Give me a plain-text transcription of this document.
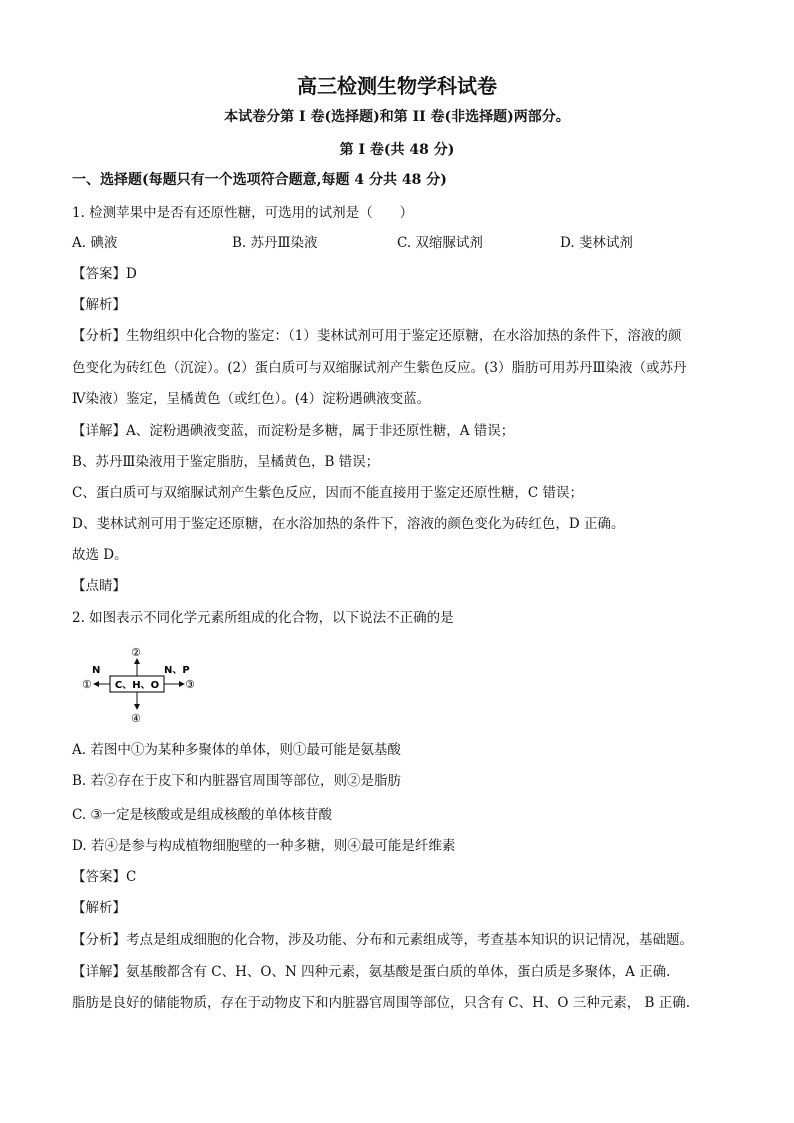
高三检测生物学科试卷
本试卷分第 I 卷(选择题)和第 II 卷(非选择题)两部分。
第 I 卷(共 48 分)
一、选择题(每题只有一个选项符合题意,每题 4 分共 48 分)
1. 检测苹果中是否有还原性糖，可选用的试剂是（　　）
A. 碘液	B. 苏丹Ⅲ染液	C. 双缩脲试剂	D. 斐林试剂
【答案】D
【解析】
【分析】生物组织中化合物的鉴定：（1）斐林试剂可用于鉴定还原糖，在水浴加热的条件下，溶液的颜
色变化为砖红色（沉淀）。(2）蛋白质可与双缩脲试剂产生紫色反应。(3）脂肪可用苏丹Ⅲ染液（或苏丹
Ⅳ染液）鉴定，呈橘黄色（或红色）。(4）淀粉遇碘液变蓝。
【详解】A、淀粉遇碘液变蓝，而淀粉是多糖，属于非还原性糖，A 错误；
B、苏丹Ⅲ染液用于鉴定脂肪，呈橘黄色，B 错误；
C、蛋白质可与双缩脲试剂产生紫色反应，因而不能直接用于鉴定还原性糖，C 错误；
D、斐林试剂可用于鉴定还原糖，在水浴加热的条件下，溶液的颜色变化为砖红色，D 正确。
故选 D。
【点睛】
2. 如图表示不同化学元素所组成的化合物，以下说法不正确的是
C、H、O
N	N、P
①
②
③
④
A. 若图中①为某种多聚体的单体，则①最可能是氨基酸
B. 若②存在于皮下和内脏器官周围等部位，则②是脂肪
C. ③一定是核酸或是组成核酸的单体核苷酸
D. 若④是参与构成植物细胞壁的一种多糖，则④最可能是纤维素
【答案】C
【解析】
【分析】考点是组成细胞的化合物，涉及功能、分布和元素组成等，考查基本知识的识记情况，基础题。
【详解】氨基酸都含有 C、H、O、N 四种元素，氨基酸是蛋白质的单体，蛋白质是多聚体，A 正确.
脂肪是良好的储能物质，存在于动物皮下和内脏器官周围等部位，只含有 C、H、O 三种元素， B 正确.
